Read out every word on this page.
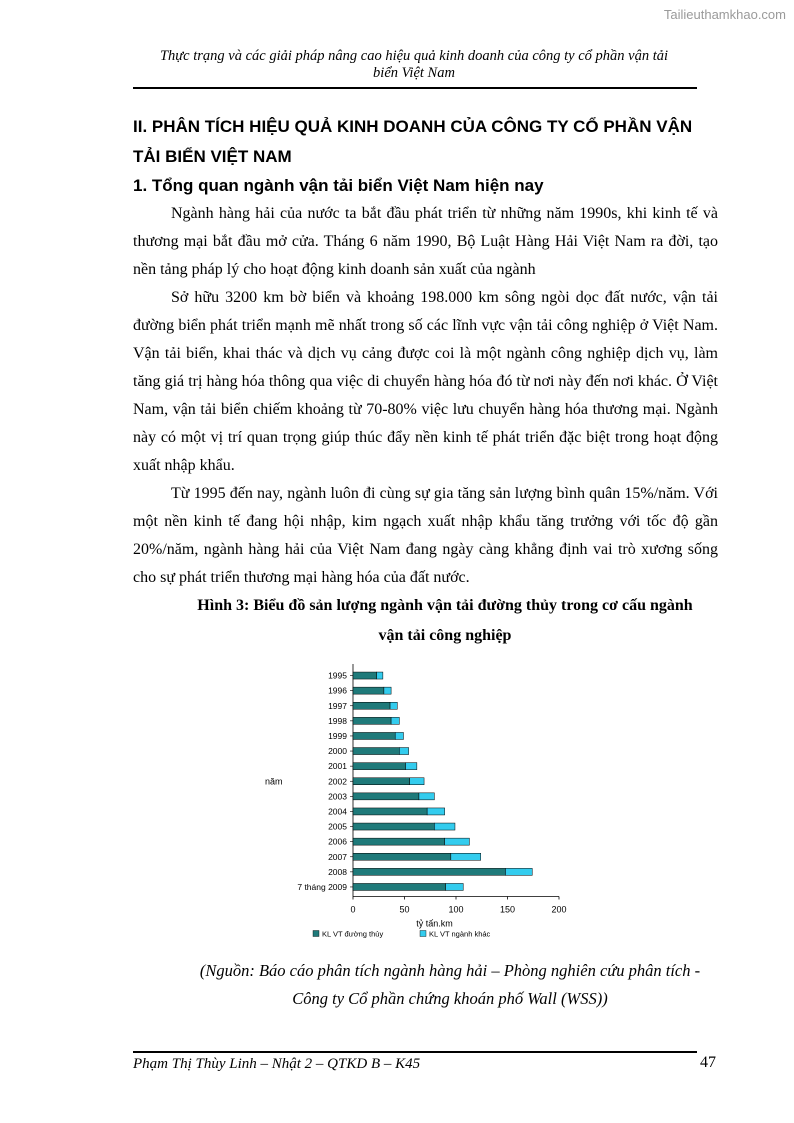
Tailieuthamkhao.com
Thực trạng và các giải pháp nâng cao hiệu quả kinh doanh của công ty cổ phần vận tải
biển Việt Nam
II. PHÂN TÍCH HIỆU QUẢ KINH DOANH CỦA CÔNG TY CỔ PHẦN VẬN TẢI BIỂN VIỆT NAM
1. Tổng quan ngành vận tải biển Việt Nam hiện nay

Ngành hàng hải của nước ta bắt đầu phát triển từ những năm 1990s, khi kinh tế và thương mại bắt đầu mở cửa. Tháng 6 năm 1990, Bộ Luật Hàng Hải Việt Nam ra đời, tạo nền tảng pháp lý cho hoạt động kinh doanh sản xuất của ngành

Sở hữu 3200 km bờ biển và khoảng 198.000 km sông ngòi dọc đất nước, vận tải đường biển phát triển mạnh mẽ nhất trong số các lĩnh vực vận tải công nghiệp ở Việt Nam. Vận tải biển, khai thác và dịch vụ cảng được coi là một ngành công nghiệp dịch vụ, làm tăng giá trị hàng hóa thông qua việc di chuyển hàng hóa đó từ nơi này đến nơi khác. Ở Việt Nam, vận tải biển chiếm khoảng từ 70-80% việc lưu chuyển hàng hóa thương mại. Ngành này có một vị trí quan trọng giúp thúc đẩy nền kinh tế phát triển đặc biệt trong hoạt động xuất nhập khẩu.

Từ 1995 đến nay, ngành luôn đi cùng sự gia tăng sản lượng bình quân 15%/năm. Với một nền kinh tế đang hội nhập, kim ngạch xuất nhập khẩu tăng trưởng với tốc độ gần 20%/năm, ngành hàng hải của Việt Nam đang ngày càng khẳng định vai trò xương sống cho sự phát triển thương mại hàng hóa của đất nước.

Hình 3: Biểu đồ sản lượng ngành vận tải đường thủy trong cơ cấu ngành
vận tải công nghiệp
0	50	100	150	200
1995
1996
1997
1998
1999
2000
2001
2002
2003
2004
2005
2006
2007
2008
7 tháng 2009
năm
tỷ tấn.km
KL VT đường thủy	KL VT ngành khác
(Nguồn: Báo cáo phân tích ngành hàng hải – Phòng nghiên cứu phân tích -
Công ty Cổ phần chứng khoán phố Wall (WSS))
Phạm Thị Thùy Linh – Nhật 2 – QTKD B – K45	47
